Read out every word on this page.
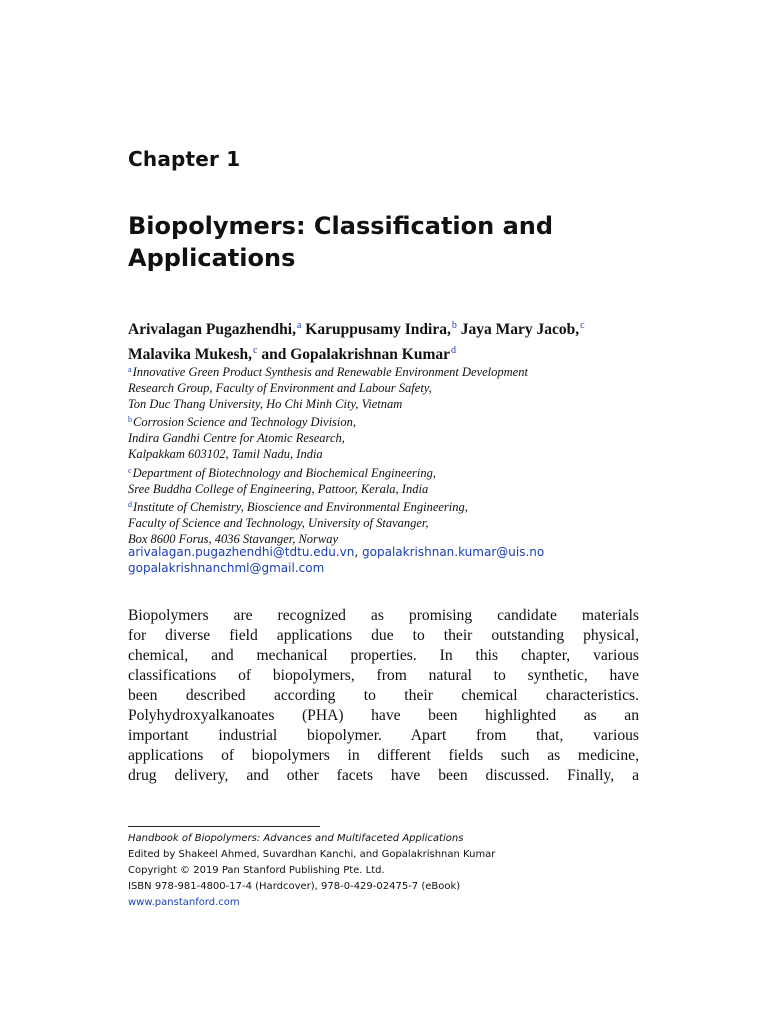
Chapter 1
Biopolymers: Classification and
Applications
Arivalagan Pugazhendhi,$^a$ Karuppusamy Indira,$^b$ Jaya Mary Jacob,$^c$
Malavika Mukesh,$^c$ and Gopalakrishnan Kumar$^d$
$^a$Innovative Green Product Synthesis and Renewable Environment Development
Research Group, Faculty of Environment and Labour Safety,
Ton Duc Thang University, Ho Chi Minh City, Vietnam
$^b$Corrosion Science and Technology Division,
Indira Gandhi Centre for Atomic Research,
Kalpakkam 603102, Tamil Nadu, India
$^c$Department of Biotechnology and Biochemical Engineering,
Sree Buddha College of Engineering, Pattoor, Kerala, India
$^d$Institute of Chemistry, Bioscience and Environmental Engineering,
Faculty of Science and Technology, University of Stavanger,
Box 8600 Forus, 4036 Stavanger, Norway
arivalagan.pugazhendhi@tdtu.edu.vn, gopalakrishnan.kumar@uis.no
gopalakrishnanchml@gmail.com
Biopolymers are recognized as promising candidate materials
for diverse field applications due to their outstanding physical,
chemical, and mechanical properties. In this chapter, various
classifications of biopolymers, from natural to synthetic, have
been described according to their chemical characteristics.
Polyhydroxyalkanoates (PHA) have been highlighted as an
important industrial biopolymer. Apart from that, various
applications of biopolymers in different fields such as medicine,
drug delivery, and other facets have been discussed. Finally, a
Handbook of Biopolymers: Advances and Multifaceted Applications
Edited by Shakeel Ahmed, Suvardhan Kanchi, and Gopalakrishnan Kumar
Copyright © 2019 Pan Stanford Publishing Pte. Ltd.
ISBN 978-981-4800-17-4 (Hardcover), 978-0-429-02475-7 (eBook)
www.panstanford.com
